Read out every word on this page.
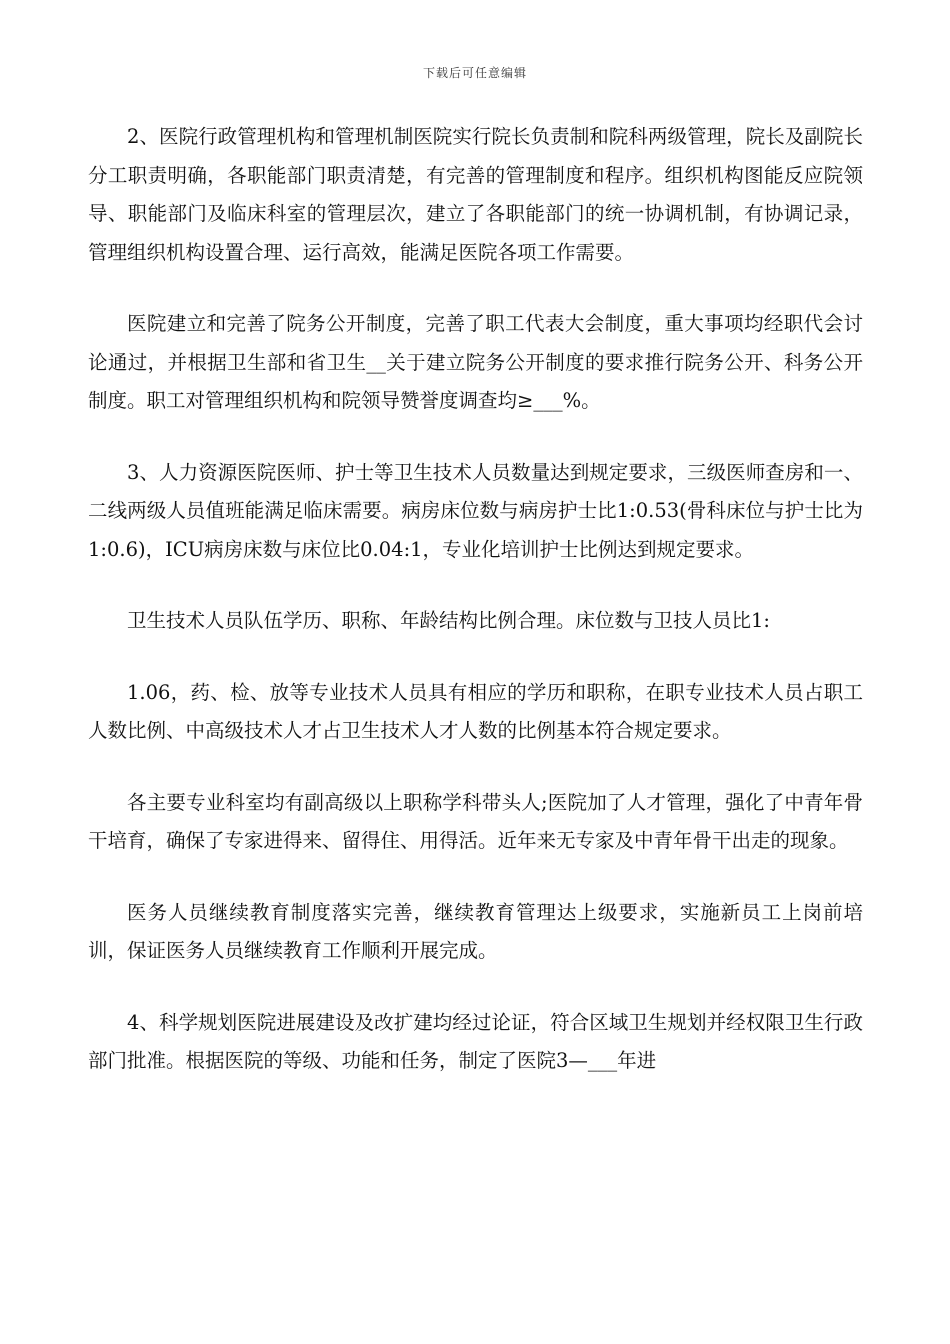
下载后可任意编辑

2、医院行政管理机构和管理机制医院实行院长负责制和院科两级管理，院长及副院长分工职责明确，各职能部门职责清楚，有完善的管理制度和程序。组织机构图能反应院领导、职能部门及临床科室的管理层次，建立了各职能部门的统一协调机制，有协调记录，管理组织机构设置合理、运行高效，能满足医院各项工作需要。

医院建立和完善了院务公开制度，完善了职工代表大会制度，重大事项均经职代会讨论通过，并根据卫生部和省卫生__关于建立院务公开制度的要求推行院务公开、科务公开制度。职工对管理组织机构和院领导赞誉度调查均≥___%。

3、人力资源医院医师、护士等卫生技术人员数量达到规定要求，三级医师查房和一、二线两级人员值班能满足临床需要。病房床位数与病房护士比1:0.53(骨科床位与护士比为1:0.6)，ICU病房床数与床位比0.04:1，专业化培训护士比例达到规定要求。

卫生技术人员队伍学历、职称、年龄结构比例合理。床位数与卫技人员比1:

1.06，药、检、放等专业技术人员具有相应的学历和职称，在职专业技术人员占职工人数比例、中高级技术人才占卫生技术人才人数的比例基本符合规定要求。

各主要专业科室均有副高级以上职称学科带头人;医院加了人才管理，强化了中青年骨干培育，确保了专家进得来、留得住、用得活。近年来无专家及中青年骨干出走的现象。

医务人员继续教育制度落实完善，继续教育管理达上级要求，实施新员工上岗前培训，保证医务人员继续教育工作顺利开展完成。

4、科学规划医院进展建设及改扩建均经过论证，符合区域卫生规划并经权限卫生行政部门批准。根据医院的等级、功能和任务，制定了医院3—___年进
